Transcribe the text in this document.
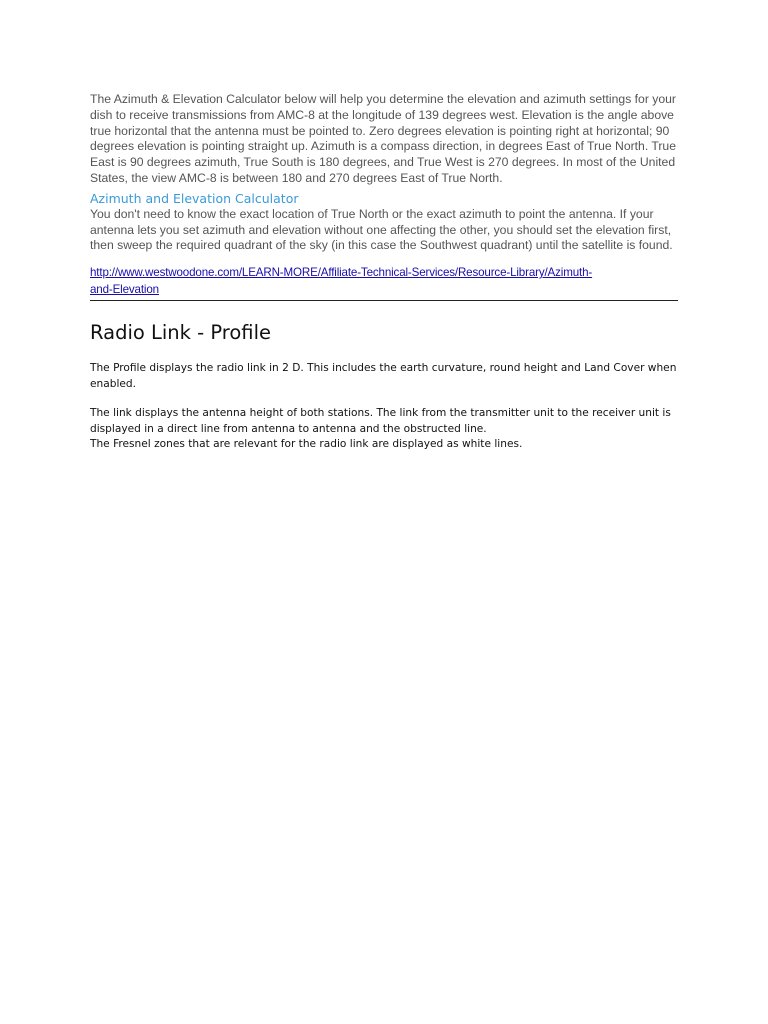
The Azimuth & Elevation Calculator below will help you determine the elevation and azimuth settings for your dish to receive transmissions from AMC-8 at the longitude of 139 degrees west. Elevation is the angle above true horizontal that the antenna must be pointed to. Zero degrees elevation is pointing right at horizontal; 90 degrees elevation is pointing straight up. Azimuth is a compass direction, in degrees East of True North. True East is 90 degrees azimuth, True South is 180 degrees, and True West is 270 degrees. In most of the United States, the view AMC-8 is between 180 and 270 degrees East of True North.

Azimuth and Elevation Calculator

You don't need to know the exact location of True North or the exact azimuth to point the antenna. If your antenna lets you set azimuth and elevation without one affecting the other, you should set the elevation first, then sweep the required quadrant of the sky (in this case the Southwest quadrant) until the satellite is found.

http://www.westwoodone.com/LEARN-MORE/Affiliate-Technical-Services/Resource-Library/Azimuth-
and-Elevation
Radio Link - Profile

The Profile displays the radio link in 2 D. This includes the earth curvature, round height and Land Cover when enabled.

The link displays the antenna height of both stations. The link from the transmitter unit to the receiver unit is displayed in a direct line from antenna to antenna and the obstructed line.

The Fresnel zones that are relevant for the radio link are displayed as white lines.
